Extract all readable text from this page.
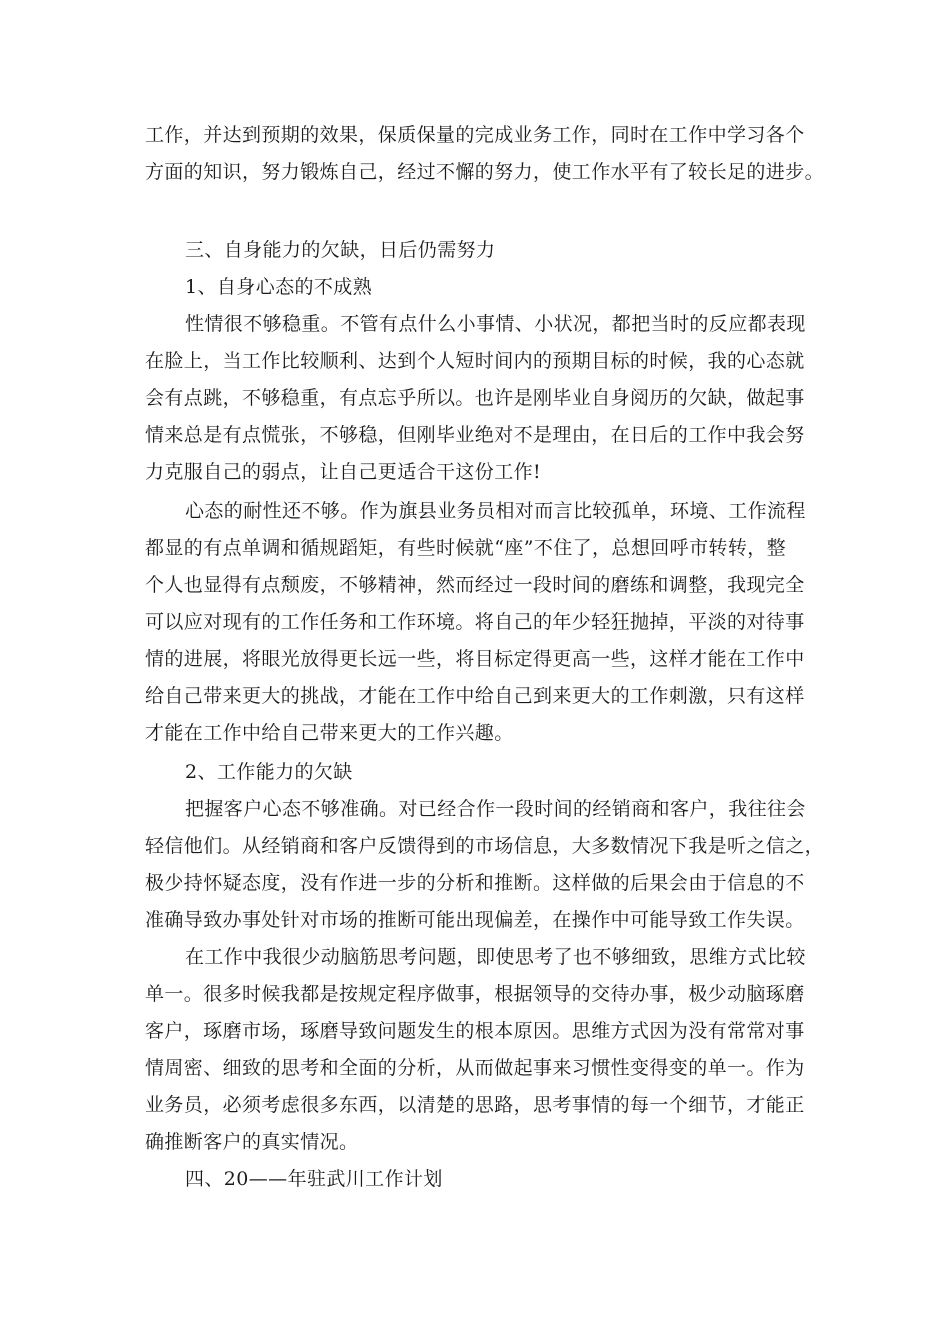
工作，并达到预期的效果，保质保量的完成业务工作，同时在工作中学习各个
方面的知识，努力锻炼自己，经过不懈的努力，使工作水平有了较长足的进步。
三、自身能力的欠缺，日后仍需努力
1、自身心态的不成熟
性情很不够稳重。不管有点什么小事情、小状况，都把当时的反应都表现
在脸上，当工作比较顺利、达到个人短时间内的预期目标的时候，我的心态就
会有点跳，不够稳重，有点忘乎所以。也许是刚毕业自身阅历的欠缺，做起事
情来总是有点慌张，不够稳，但刚毕业绝对不是理由，在日后的工作中我会努
力克服自己的弱点，让自己更适合干这份工作!
心态的耐性还不够。作为旗县业务员相对而言比较孤单，环境、工作流程
都显的有点单调和循规蹈矩，有些时候就“座”不住了，总想回呼市转转，整
个人也显得有点颓废，不够精神，然而经过一段时间的磨练和调整，我现完全
可以应对现有的工作任务和工作环境。将自己的年少轻狂抛掉，平淡的对待事
情的进展，将眼光放得更长远一些，将目标定得更高一些，这样才能在工作中
给自己带来更大的挑战，才能在工作中给自己到来更大的工作刺激，只有这样
才能在工作中给自己带来更大的工作兴趣。
2、工作能力的欠缺
把握客户心态不够准确。对已经合作一段时间的经销商和客户，我往往会
轻信他们。从经销商和客户反馈得到的市场信息，大多数情况下我是听之信之，
极少持怀疑态度，没有作进一步的分析和推断。这样做的后果会由于信息的不
准确导致办事处针对市场的推断可能出现偏差，在操作中可能导致工作失误。
在工作中我很少动脑筋思考问题，即使思考了也不够细致，思维方式比较
单一。很多时候我都是按规定程序做事，根据领导的交待办事，极少动脑琢磨
客户，琢磨市场，琢磨导致问题发生的根本原因。思维方式因为没有常常对事
情周密、细致的思考和全面的分析，从而做起事来习惯性变得变的单一。作为
业务员，必须考虑很多东西，以清楚的思路，思考事情的每一个细节，才能正
确推断客户的真实情况。
四、20——年驻武川工作计划
